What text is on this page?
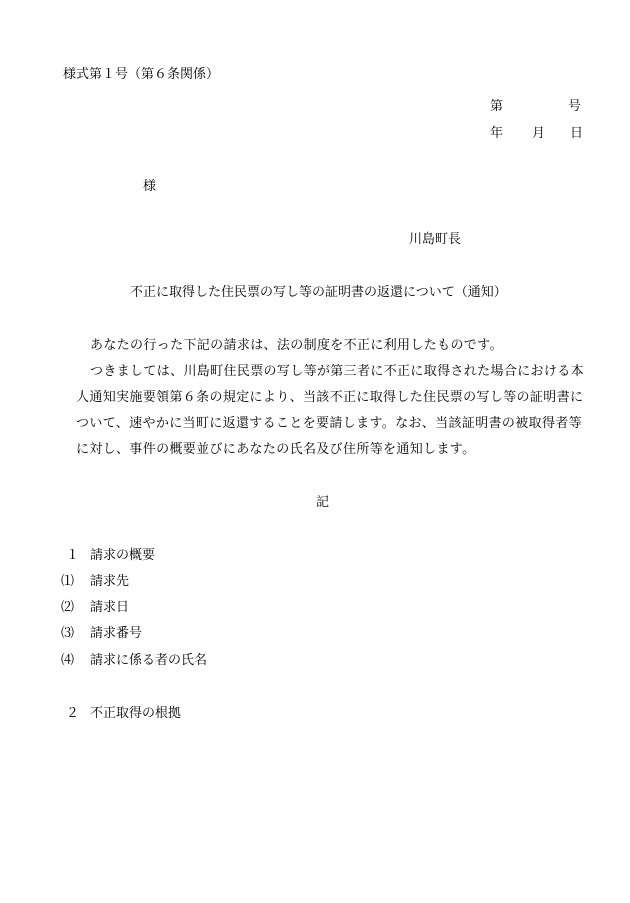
様式第１号（第６条関係）
第	号
年 月 日
様
川島町長
不正に取得した住民票の写し等の証明書の返還について（通知）
あなたの行った下記の請求は、法の制度を不正に利用したものです。
つきましては、川島町住民票の写し等が第三者に不正に取得された場合における本
人通知実施要領第６条の規定により、当該不正に取得した住民票の写し等の証明書に
ついて、速やかに当町に返還することを要請します。なお、当該証明書の被取得者等
に対し、事件の概要並びにあなたの氏名及び住所等を通知します。
記
１ 請求の概要
⑴ 請求先
⑵ 請求日
⑶ 請求番号
⑷ 請求に係る者の氏名
２ 不正取得の根拠
